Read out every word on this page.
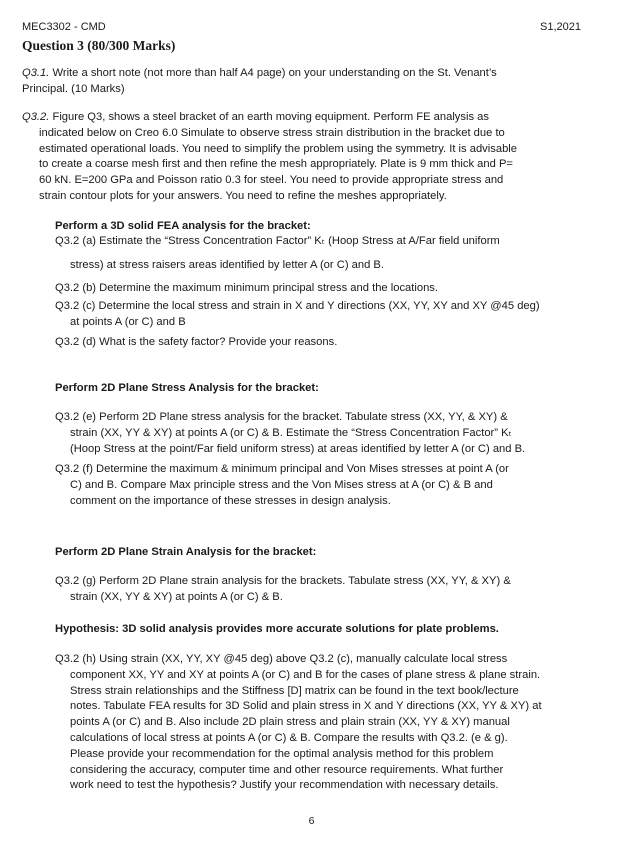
MEC3302 - CMD	S1,2021
Question 3 (80/300 Marks)
Q3.1. Write a short note (not more than half A4 page) on your understanding on the St. Venant’s
Principal. (10 Marks)
Q3.2. Figure Q3, shows a steel bracket of an earth moving equipment. Perform FE analysis as
indicated below on Creo 6.0 Simulate to observe stress strain distribution in the bracket due to
estimated operational loads. You need to simplify the problem using the symmetry. It is advisable
to create a coarse mesh first and then refine the mesh appropriately. Plate is 9 mm thick and P=
60 kN. E=200 GPa and Poisson ratio 0.3 for steel. You need to provide appropriate stress and
strain contour plots for your answers. You need to refine the meshes appropriately.
Perform a 3D solid FEA analysis for the bracket:
Q3.2 (a) Estimate the “Stress Concentration Factor” Kₜ (Hoop Stress at A/Far field uniform
stress) at stress raisers areas identified by letter A (or C) and B.
Q3.2 (b) Determine the maximum minimum principal stress and the locations.
Q3.2 (c) Determine the local stress and strain in X and Y directions (XX, YY, XY and XY @45 deg)
at points A (or C) and B
Q3.2 (d) What is the safety factor? Provide your reasons.
Perform 2D Plane Stress Analysis for the bracket:
Q3.2 (e) Perform 2D Plane stress analysis for the bracket. Tabulate stress (XX, YY, & XY) &
strain (XX, YY & XY) at points A (or C) & B. Estimate the “Stress Concentration Factor” Kₜ
(Hoop Stress at the point/Far field uniform stress) at areas identified by letter A (or C) and B.
Q3.2 (f) Determine the maximum & minimum principal and Von Mises stresses at point A (or
C) and B. Compare Max principle stress and the Von Mises stress at A (or C) & B and
comment on the importance of these stresses in design analysis.
Perform 2D Plane Strain Analysis for the bracket:
Q3.2 (g) Perform 2D Plane strain analysis for the brackets. Tabulate stress (XX, YY, & XY) &
strain (XX, YY & XY) at points A (or C) & B.
Hypothesis: 3D solid analysis provides more accurate solutions for plate problems.
Q3.2 (h) Using strain (XX, YY, XY @45 deg) above Q3.2 (c), manually calculate local stress
component XX, YY and XY at points A (or C) and B for the cases of plane stress & plane strain.
Stress strain relationships and the Stiffness [D] matrix can be found in the text book/lecture
notes. Tabulate FEA results for 3D Solid and plain stress in X and Y directions (XX, YY & XY) at
points A (or C) and B. Also include 2D plain stress and plain strain (XX, YY & XY) manual
calculations of local stress at points A (or C) & B. Compare the results with Q3.2. (e & g).
Please provide your recommendation for the optimal analysis method for this problem
considering the accuracy, computer time and other resource requirements. What further
work need to test the hypothesis? Justify your recommendation with necessary details.
6
